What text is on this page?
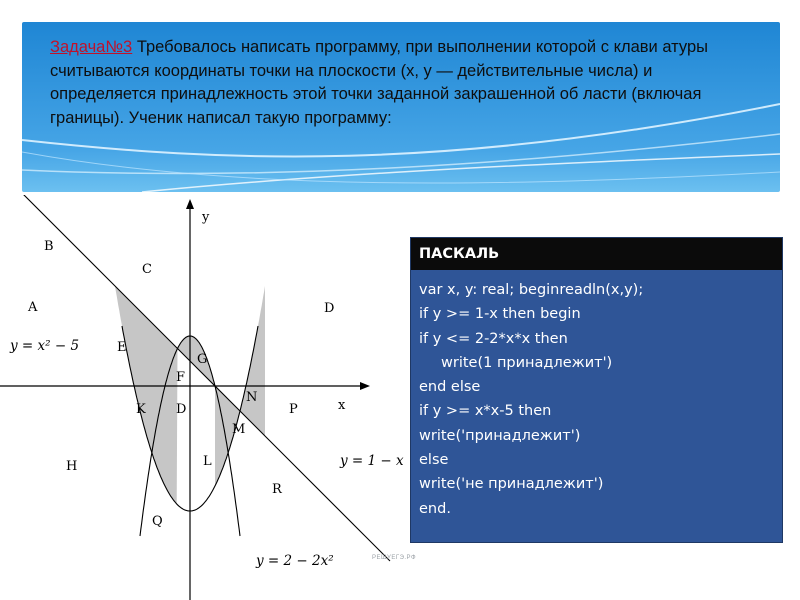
Задача№3 Требовалось написать программу, при выполнении которой с клави атуры считываются координаты точки на плоскости (x, y — действительные числа) и определяется принадлежность этой точки заданной закрашенной об ласти (включая границы). Ученик написал такую программу:

x
y
A
B
C
D
E
F
G
H
K D
L
M
N
P
Q
R
y = x² − 5
y = 1 − x
y = 2 − 2x²
ПАСКАЛЬ
var x, y: real; beginreadln(x,y);
if y >= 1-x then begin
if y <= 2-2*x*x then
write(1 принадлежит')
end else
if y >= x*x-5 then
write('принадлежит')
else
write('не принадлежит')
end.
РЕШУЕГЭ.РФ
